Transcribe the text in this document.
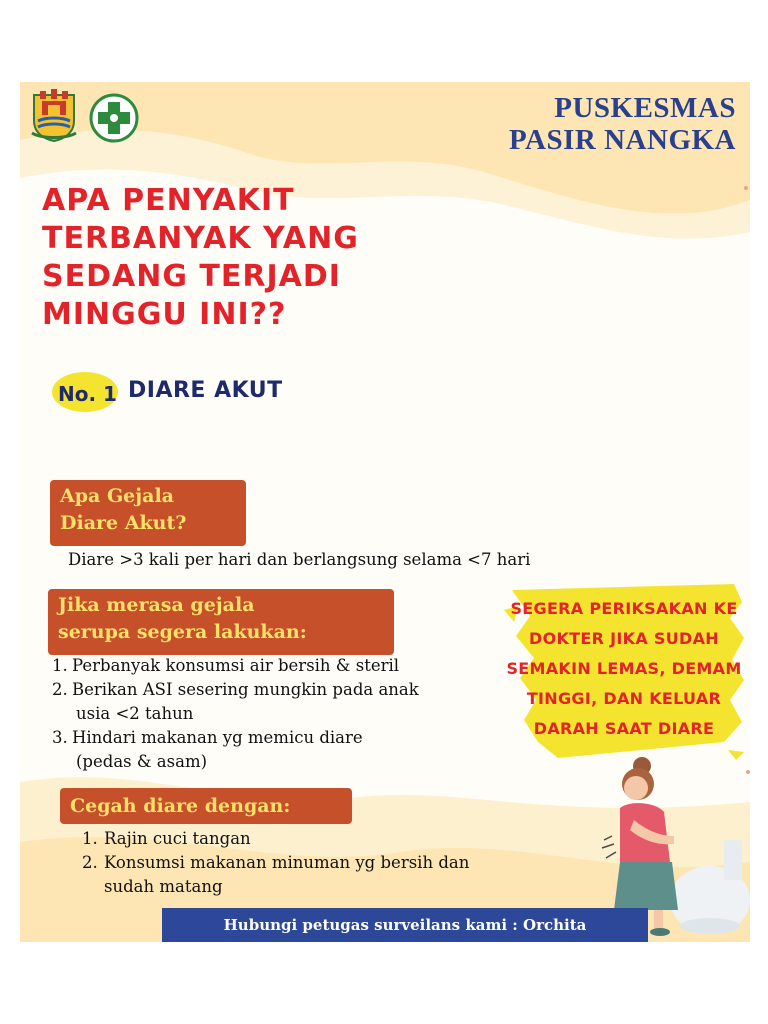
PUSKESMAS
PASIR NANGKA
APA PENYAKIT
TERBANYAK YANG
SEDANG TERJADI
MINGGU INI??
No. 1 DIARE AKUT
Apa Gejala
Diare Akut?
Diare >3 kali per hari dan berlangsung selama <7 hari
Jika merasa gejala
serupa segera lakukan:
1. Perbanyak konsumsi air bersih & steril
2. Berikan ASI sesering mungkin pada anak
usia <2 tahun
3. Hindari makanan yg memicu diare
(pedas & asam)
SEGERA PERIKSAKAN KE
DOKTER JIKA SUDAH
SEMAKIN LEMAS, DEMAM
TINGGI, DAN KELUAR
DARAH SAAT DIARE
Cegah diare dengan:
1. Rajin cuci tangan
2. Konsumsi makanan minuman yg bersih dan
sudah matang
Hubungi petugas surveilans kami : Orchita (087804319680)
